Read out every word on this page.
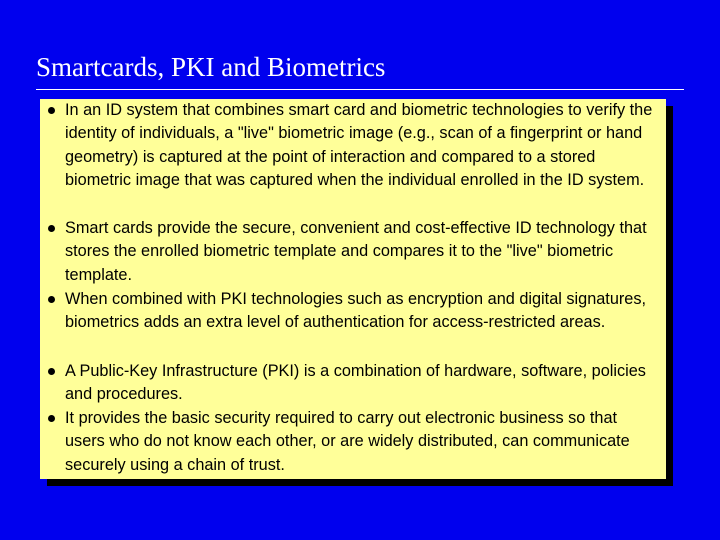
Smartcards, PKI and Biometrics
In an ID system that combines smart card and biometric technologies to verify the identity of individuals, a "live" biometric image (e.g., scan of a fingerprint or hand geometry) is captured at the point of interaction and compared to a stored biometric image that was captured when the individual enrolled in the ID system.
Smart cards provide the secure, convenient and cost-effective ID technology that stores the enrolled biometric template and compares it to the "live" biometric template.
When combined with PKI technologies such as encryption and digital signatures, biometrics adds an extra level of authentication for access-restricted areas.
A Public-Key Infrastructure (PKI) is a combination of hardware, software, policies and procedures.
It provides the basic security required to carry out electronic business so that users who do not know each other, or are widely distributed, can communicate securely using a chain of trust.
